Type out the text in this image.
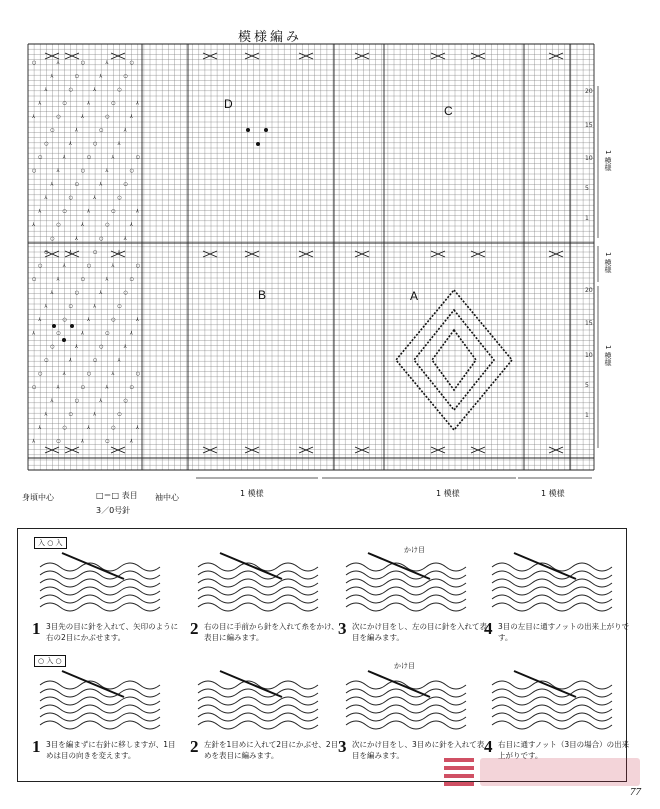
○	⅄	○	⅄	○
⅄	○	⅄	○
⅄	○	⅄	○
⅄	○	⅄	○	⅄
⅄	○	⅄	○	⅄
○	⅄	○	⅄
○	⅄	○	⅄
○	⅄	○	⅄	○
○	⅄	○	⅄	○
⅄	○	⅄	○
⅄	○	⅄	○
⅄	○	⅄	○	⅄
⅄	○	⅄	○	⅄
○	⅄	○	⅄
○	⅄	○	⅄
○	⅄	○	⅄	○
○	⅄	○	⅄	○
⅄	○	⅄	○
⅄	○	⅄	○
⅄	○	⅄	○	⅄
⅄	○	⅄	○	⅄
○	⅄	○	⅄
○	⅄	○	⅄
○	⅄	○	⅄	○
○	⅄	○	⅄	○
⅄	○	⅄	○
⅄	○	⅄	○
⅄	○	⅄	○	⅄
⅄	○	⅄	○	⅄
模様編み
D	C
B	A
20
15
10
5
1
20
15
10
5
1
1 模様
1 模様
1 模様
身頃中心	袖中心	1 模様	1 模様	1 模様
□＝□ 表目
3／0号針
入 ○ 入
○ 入 ○
1 3目先の目に針を入れて、矢印のように右の2目にかぶせます。	2 右の目に手前から針を入れて糸をかけ、表目に編みます。
かけ目
3 次にかけ目をし、左の目に針を入れて表目を編みます。	4 3目の左目に通すノットの出来上がりです。
1 3目を編まずに右針に移しますが、1目めは目の向きを変えます。	2 左針を1目めに入れて2目にかぶせ、2目めを表目に編みます。
かけ目
3 次にかけ目をし、3目めに針を入れて表目を編みます。	4 右目に通すノット（3目の場合）の出来上がりです。
77
